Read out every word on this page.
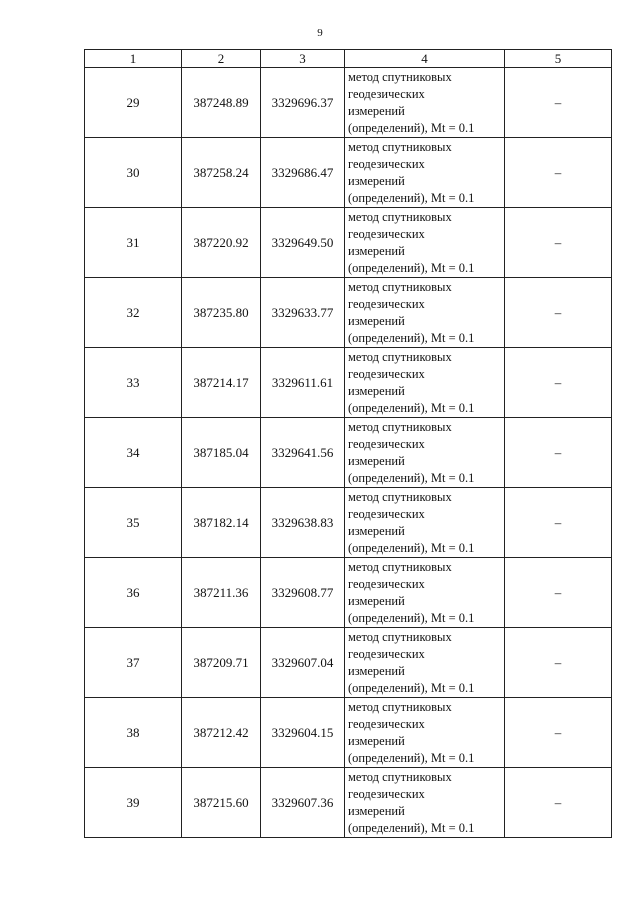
9
1	2	3	4	5
29	387248.89	3329696.37	метод спутниковых
геодезических
измерений
(определений), Mt = 0.1	–
30	387258.24	3329686.47	метод спутниковых
геодезических
измерений
(определений), Mt = 0.1	–
31	387220.92	3329649.50	метод спутниковых
геодезических
измерений
(определений), Mt = 0.1	–
32	387235.80	3329633.77	метод спутниковых
геодезических
измерений
(определений), Mt = 0.1	–
33	387214.17	3329611.61	метод спутниковых
геодезических
измерений
(определений), Mt = 0.1	–
34	387185.04	3329641.56	метод спутниковых
геодезических
измерений
(определений), Mt = 0.1	–
35	387182.14	3329638.83	метод спутниковых
геодезических
измерений
(определений), Mt = 0.1	–
36	387211.36	3329608.77	метод спутниковых
геодезических
измерений
(определений), Mt = 0.1	–
37	387209.71	3329607.04	метод спутниковых
геодезических
измерений
(определений), Mt = 0.1	–
38	387212.42	3329604.15	метод спутниковых
геодезических
измерений
(определений), Mt = 0.1	–
39	387215.60	3329607.36	метод спутниковых
геодезических
измерений
(определений), Mt = 0.1	–
